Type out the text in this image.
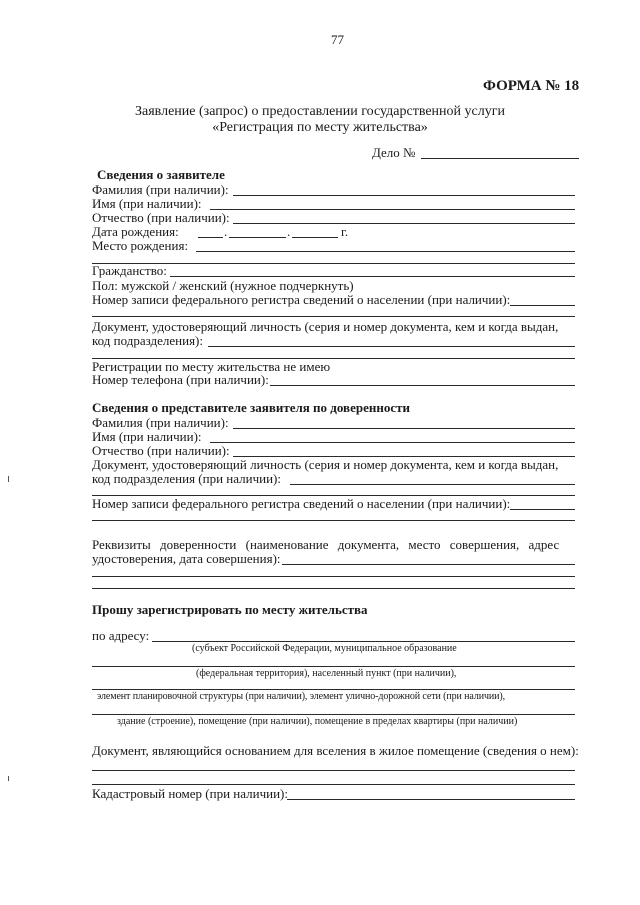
77
ФОРМА № 18
Заявление (запрос) о предоставлении государственной услуги
«Регистрация по месту жительства»
Дело №
Сведения о заявителе
Фамилия (при наличии):
Имя (при наличии):
Отчество (при наличии):
Дата рождения:	.	.	г.
Место рождения:
Гражданство:
Пол: мужской / женский (нужное подчеркнуть)
Номер записи федерального регистра сведений о населении (при наличии):
Документ, удостоверяющий личность (серия и номер документа, кем и когда выдан,
код подразделения):
Регистрации по месту жительства не имею
Номер телефона (при наличии):
Сведения о представителе заявителя по доверенности
Фамилия (при наличии):
Имя (при наличии):
Отчество (при наличии):
Документ, удостоверяющий личность (серия и номер документа, кем и когда выдан,
код подразделения (при наличии):
Номер записи федерального регистра сведений о населении (при наличии):
Реквизиты доверенности (наименование документа, место совершения, адрес
удостоверения, дата совершения):
Прошу зарегистрировать по месту жительства
по адресу:
(субъект Российской Федерации, муниципальное образование
(федеральная территория), населенный пункт (при наличии),
элемент планировочной структуры (при наличии), элемент улично-дорожной сети (при наличии),
здание (строение), помещение (при наличии), помещение в пределах квартиры (при наличии)
Документ, являющийся основанием для вселения в жилое помещение (сведения о нем):
Кадастровый номер (при наличии):
